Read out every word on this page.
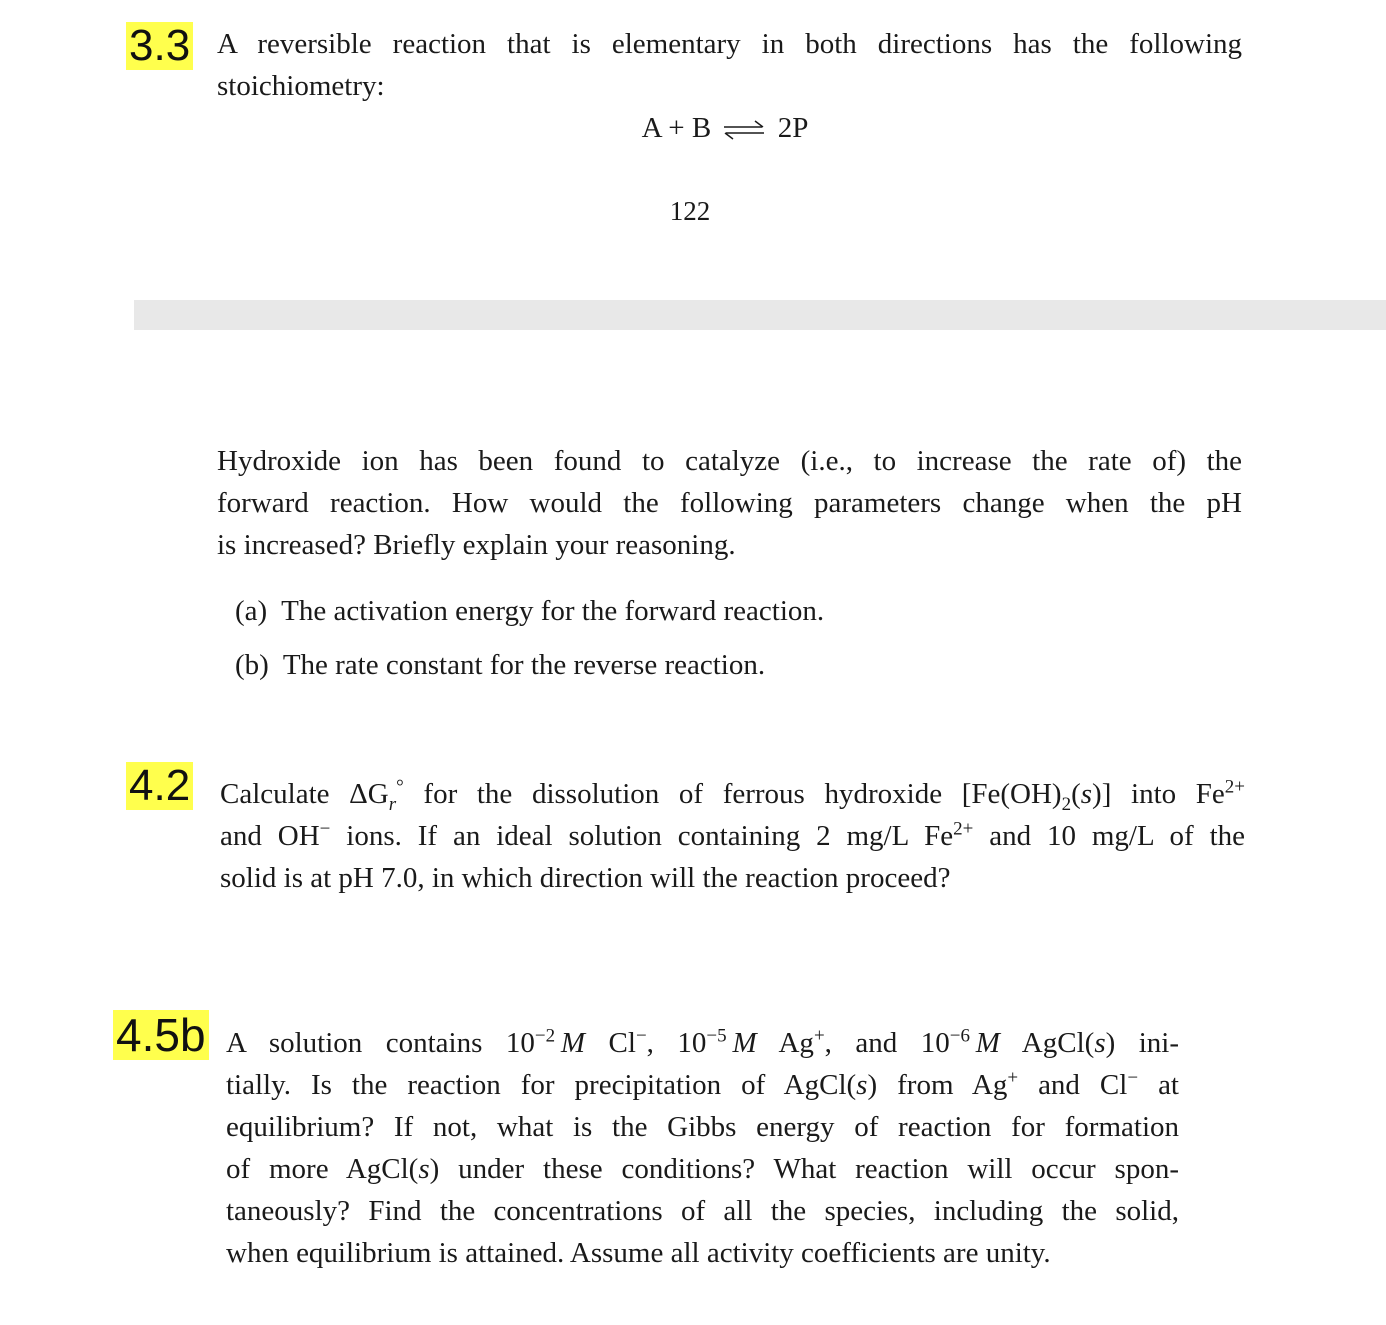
3.3 A reversible reaction that is elementary in both directions has the following
stoichiometry:
A + B ⇌ 2P
122
Hydroxide ion has been found to catalyze (i.e., to increase the rate of) the
forward reaction. How would the following parameters change when the pH
is increased? Briefly explain your reasoning.
(a) The activation energy for the forward reaction.
(b) The rate constant for the reverse reaction.
4.2 Calculate $\Delta G_r^\circ$ for the dissolution of ferrous hydroxide $[Fe(OH)_2(s)]$ into $Fe^{2+}$
and OH− ions. If an ideal solution containing 2 mg/L $Fe^{2+}$ and 10 mg/L of the
solid is at pH 7.0, in which direction will the reaction proceed?
4.5b A solution contains $10^{-2}$  M Cl−, $10^{-5}$  M Ag+, and $10^{-6}$  M AgCl(s) ini-
tially. Is the reaction for precipitation of AgCl(s) from Ag+ and Cl− at
equilibrium? If not, what is the Gibbs energy of reaction for formation
of more AgCl(s) under these conditions? What reaction will occur spon-
taneously? Find the concentrations of all the species, including the solid,
when equilibrium is attained. Assume all activity coefficients are unity.
